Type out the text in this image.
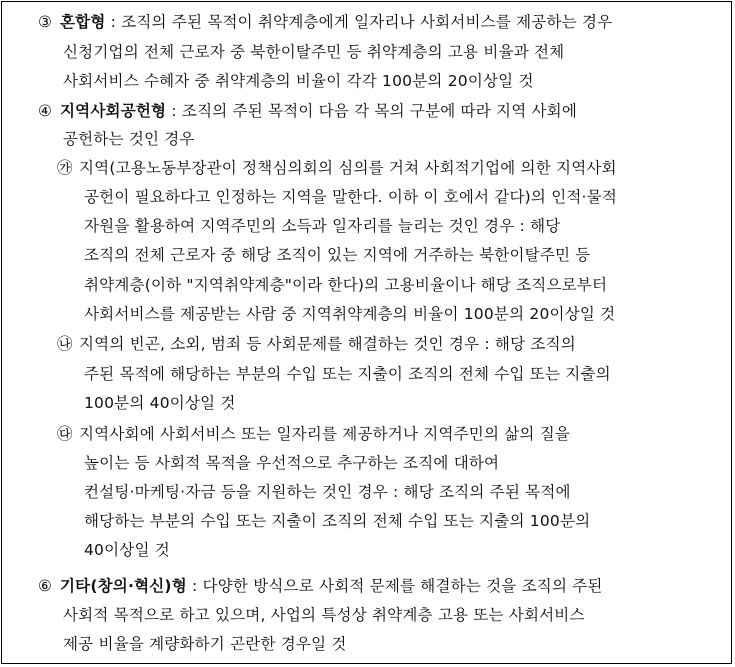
③ 혼합형 : 조직의 주된 목적이 취약계층에게 일자리나 사회서비스를 제공하는 경우
신청기업의 전체 근로자 중 북한이탈주민 등 취약계층의 고용 비율과 전체
사회서비스 수혜자 중 취약계층의 비율이 각각 100분의 20이상일 것
④ 지역사회공헌형 : 조직의 주된 목적이 다음 각 목의 구분에 따라 지역 사회에
공헌하는 것인 경우
㉮ 지역(고용노동부장관이 정책심의회의 심의를 거쳐 사회적기업에 의한 지역사회
공헌이 필요하다고 인정하는 지역을 말한다. 이하 이 호에서 같다)의 인적·물적
자원을 활용하여 지역주민의 소득과 일자리를 늘리는 것인 경우 : 해당
조직의 전체 근로자 중 해당 조직이 있는 지역에 거주하는 북한이탈주민 등
취약계층(이하 "지역취약계층"이라 한다)의 고용비율이나 해당 조직으로부터
사회서비스를 제공받는 사람 중 지역취약계층의 비율이 100분의 20이상일 것
㉯ 지역의 빈곤, 소외, 범죄 등 사회문제를 해결하는 것인 경우 : 해당 조직의
주된 목적에 해당하는 부분의 수입 또는 지출이 조직의 전체 수입 또는 지출의
100분의 40이상일 것
㉰ 지역사회에 사회서비스 또는 일자리를 제공하거나 지역주민의 삶의 질을
높이는 등 사회적 목적을 우선적으로 추구하는 조직에 대하여
컨설팅·마케팅·자금 등을 지원하는 것인 경우 : 해당 조직의 주된 목적에
해당하는 부분의 수입 또는 지출이 조직의 전체 수입 또는 지출의 100분의
40이상일 것
⑥ 기타(창의·혁신)형 : 다양한 방식으로 사회적 문제를 해결하는 것을 조직의 주된
사회적 목적으로 하고 있으며, 사업의 특성상 취약계층 고용 또는 사회서비스
제공 비율을 계량화하기 곤란한 경우일 것
